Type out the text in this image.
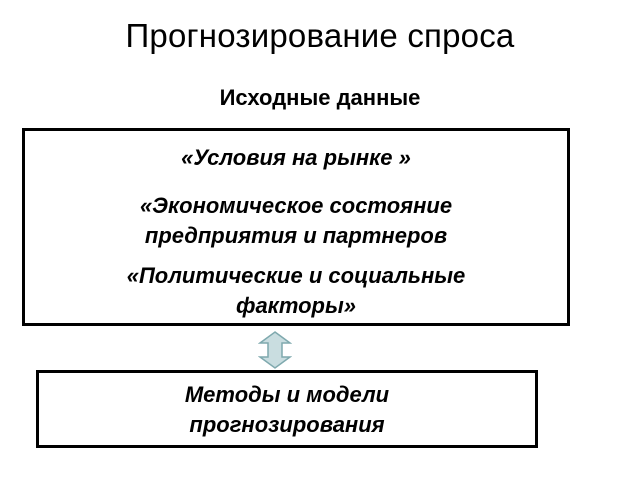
Прогнозирование спроса
Исходные данные
«Условия на рынке »
«Экономическое состояние
предприятия и партнеров
«Политические и социальные
факторы»
Методы и модели
прогнозирования
